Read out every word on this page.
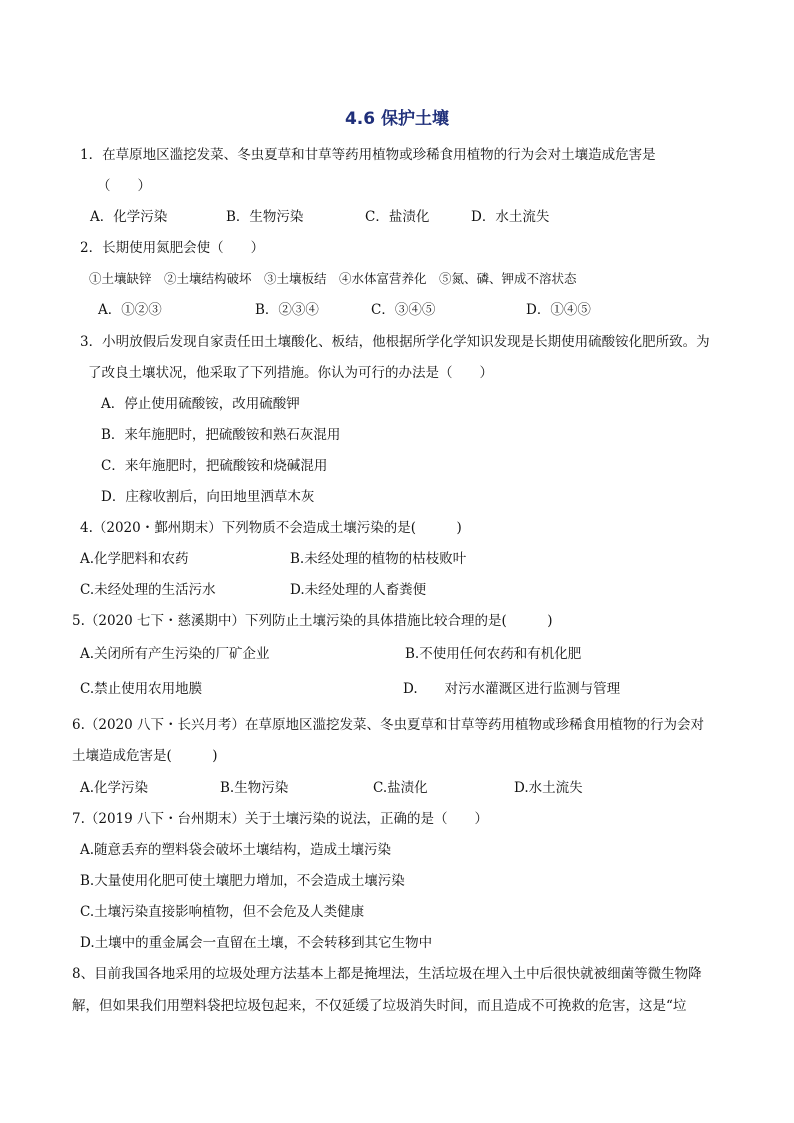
4.6 保护土壤
1．在草原地区滥挖发菜、冬虫夏草和甘草等药用植物或珍稀食用植物的行为会对土壤造成危害是
（　　）
A．化学污染	B．生物污染	C．盐渍化	D．水土流失
2．长期使用氮肥会使（　　）
①土壤缺锌　②土壤结构破坏　③土壤板结　④水体富营养化　⑤氮、磷、钾成不溶状态
A．①②③	B．②③④	C．③④⑤	D．①④⑤
3．小明放假后发现自家责任田土壤酸化、板结，他根据所学化学知识发现是长期使用硫酸铵化肥所致。为
了改良土壤状况，他采取了下列措施。你认为可行的办法是（　　）
A．停止使用硫酸铵，改用硫酸钾
B．来年施肥时，把硫酸铵和熟石灰混用
C．来年施肥时，把硫酸铵和烧碱混用
D．庄稼收割后，向田地里洒草木灰
4.（2020・鄞州期末）下列物质不会造成土壤污染的是(　　　)
A.化学肥料和农药	B.未经处理的植物的枯枝败叶
C.未经处理的生活污水	D.未经处理的人畜粪便
5.（2020 七下・慈溪期中）下列防止土壤污染的具体措施比较合理的是(　　　)
A.关闭所有产生污染的厂矿企业	B.不使用任何农药和有机化肥
C.禁止使用农用地膜	D.　　对污水灌溉区进行监测与管理
6.（2020 八下・长兴月考）在草原地区滥挖发菜、冬虫夏草和甘草等药用植物或珍稀食用植物的行为会对
土壤造成危害是(　　　)
A.化学污染	B.生物污染	C.盐渍化	D.水土流失
7.（2019 八下・台州期末）关于土壤污染的说法，正确的是（　　）
A.随意丢弃的塑料袋会破坏土壤结构，造成土壤污染
B.大量使用化肥可使土壤肥力增加，不会造成土壤污染
C.土壤污染直接影响植物，但不会危及人类健康
D.土壤中的重金属会一直留在土壤，不会转移到其它生物中
8、目前我国各地采用的垃圾处理方法基本上都是掩埋法，生活垃圾在埋入土中后很快就被细菌等微生物降
解，但如果我们用塑料袋把垃圾包起来，不仅延缓了垃圾消失时间，而且造成不可挽救的危害，这是“垃
